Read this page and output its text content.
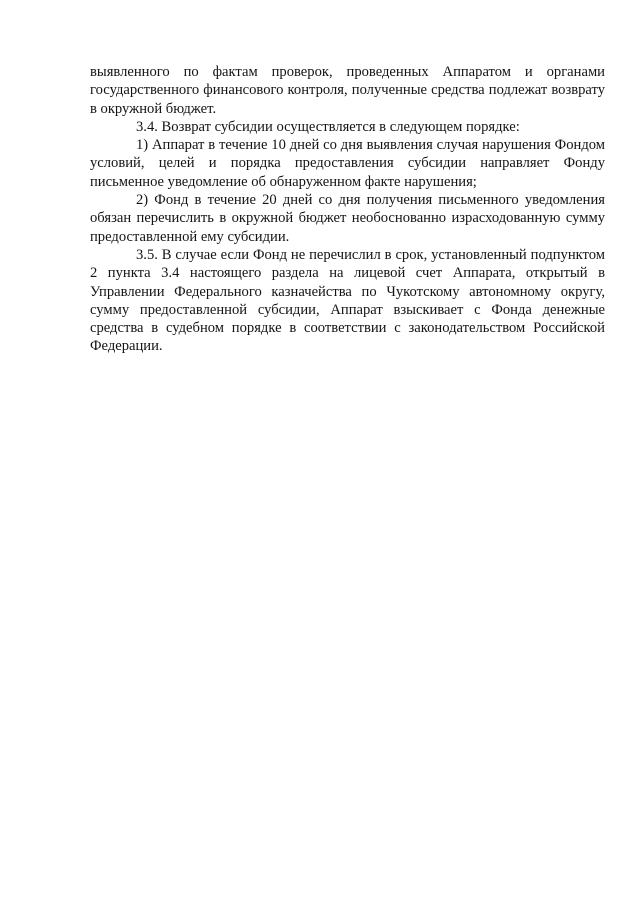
выявленного по фактам проверок, проведенных Аппаратом и органами государственного финансового контроля, полученные средства подлежат возврату в окружной бюджет.

3.4. Возврат субсидии осуществляется в следующем порядке:

1) Аппарат в течение 10 дней со дня выявления случая нарушения Фондом условий, целей и порядка предоставления субсидии направляет Фонду письменное уведомление об обнаруженном факте нарушения;

2) Фонд в течение 20 дней со дня получения письменного уведомления обязан перечислить в окружной бюджет необоснованно израсходованную сумму предоставленной ему субсидии.

3.5. В случае если Фонд не перечислил в срок, установленный подпунктом 2 пункта 3.4 настоящего раздела на лицевой счет Аппарата, открытый в Управлении Федерального казначейства по Чукотскому автономному округу, сумму предоставленной субсидии, Аппарат взыскивает с Фонда денежные средства в судебном порядке в соответствии с законодательством Российской Федерации.
